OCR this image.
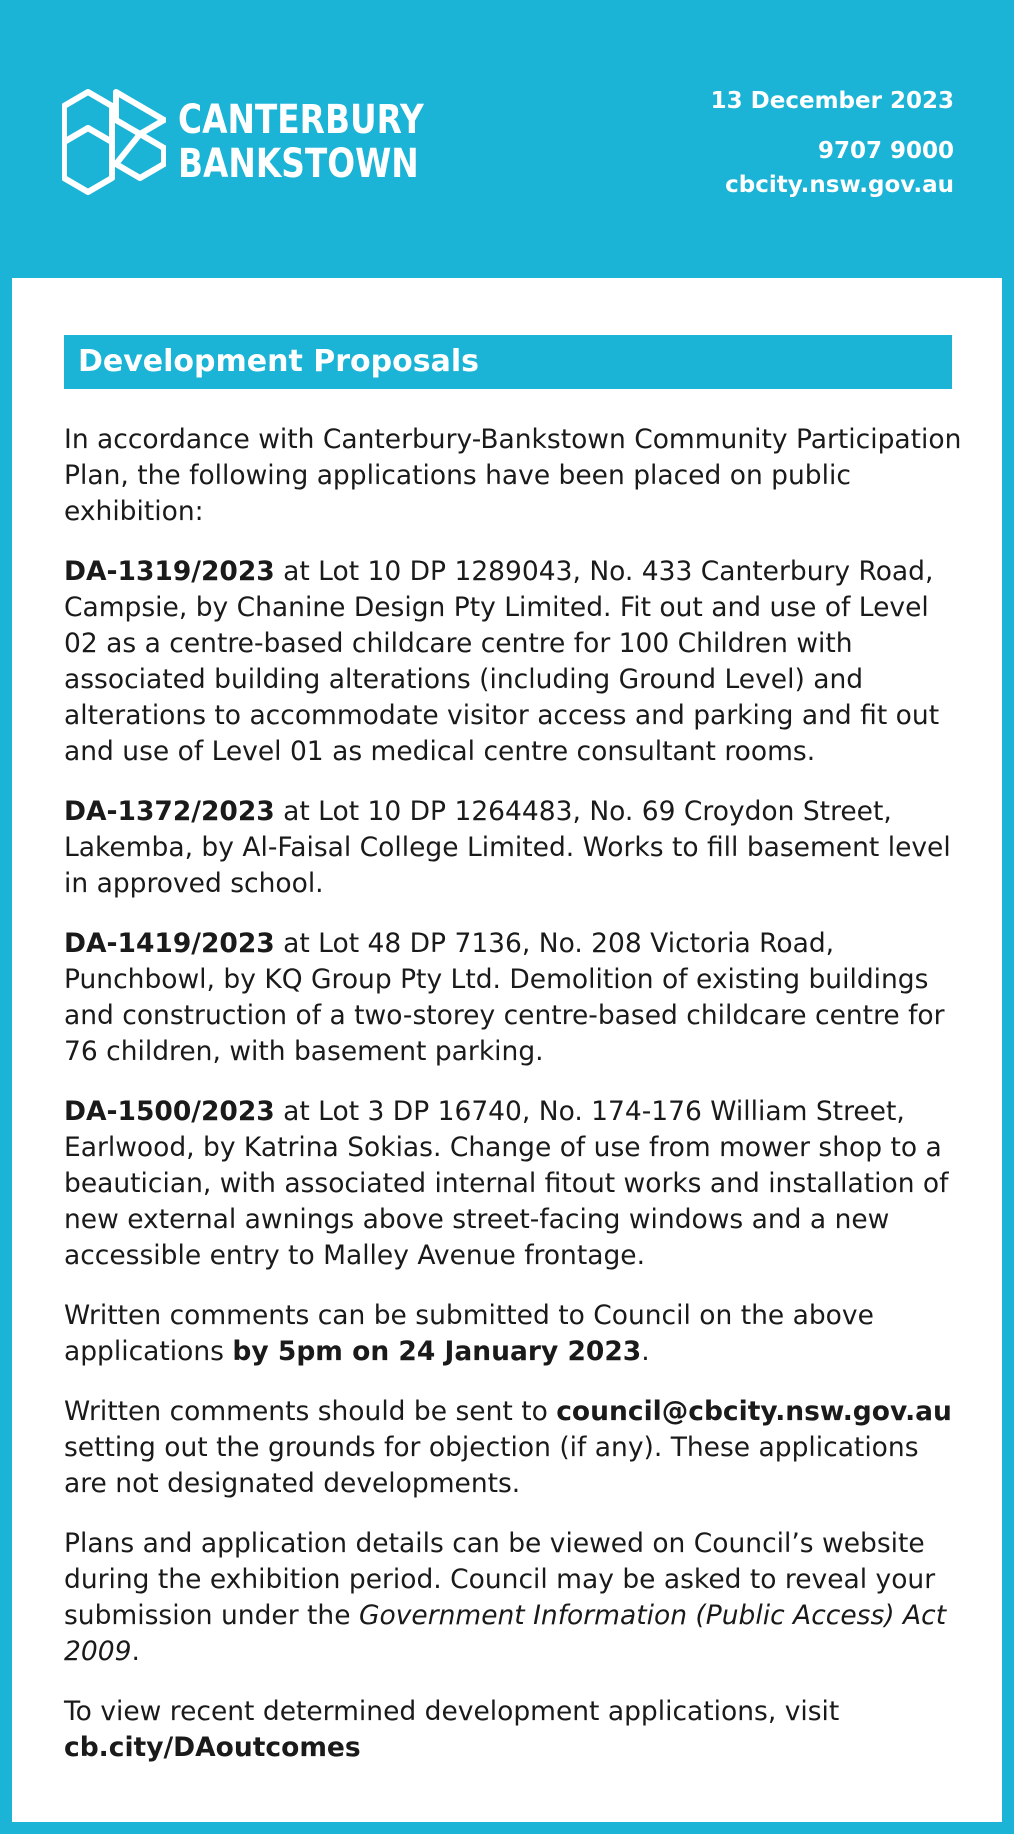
CANTERBURY
BANKSTOWN
13 December 2023
9707 9000
cbcity.nsw.gov.au
Development Proposals

In accordance with Canterbury-Bankstown Community Participation Plan, the following applications have been placed on public exhibition:

DA-1319/2023 at Lot 10 DP 1289043, No. 433 Canterbury Road, Campsie, by Chanine Design Pty Limited. Fit out and use of Level 02 as a centre-based childcare centre for 100 Children with associated building alterations (including Ground Level) and alterations to accommodate visitor access and parking and fit out and use of Level 01 as medical centre consultant rooms.

DA-1372/2023 at Lot 10 DP 1264483, No. 69 Croydon Street, Lakemba, by Al-Faisal College Limited. Works to fill basement level in approved school.

DA-1419/2023 at Lot 48 DP 7136, No. 208 Victoria Road, Punchbowl, by KQ Group Pty Ltd. Demolition of existing buildings and construction of a two-storey centre-based childcare centre for 76 children, with basement parking.

DA-1500/2023 at Lot 3 DP 16740, No. 174-176 William Street, Earlwood, by Katrina Sokias. Change of use from mower shop to a beautician, with associated internal fitout works and installation of new external awnings above street-facing windows and a new accessible entry to Malley Avenue frontage.

Written comments can be submitted to Council on the above applications by 5pm on 24 January 2023.

Written comments should be sent to council@cbcity.nsw.gov.au setting out the grounds for objection (if any). These applications are not designated developments.

Plans and application details can be viewed on Council’s website during the exhibition period. Council may be asked to reveal your submission under the Government Information (Public Access) Act 2009.

To view recent determined development applications, visit cb.city/DAoutcomes
